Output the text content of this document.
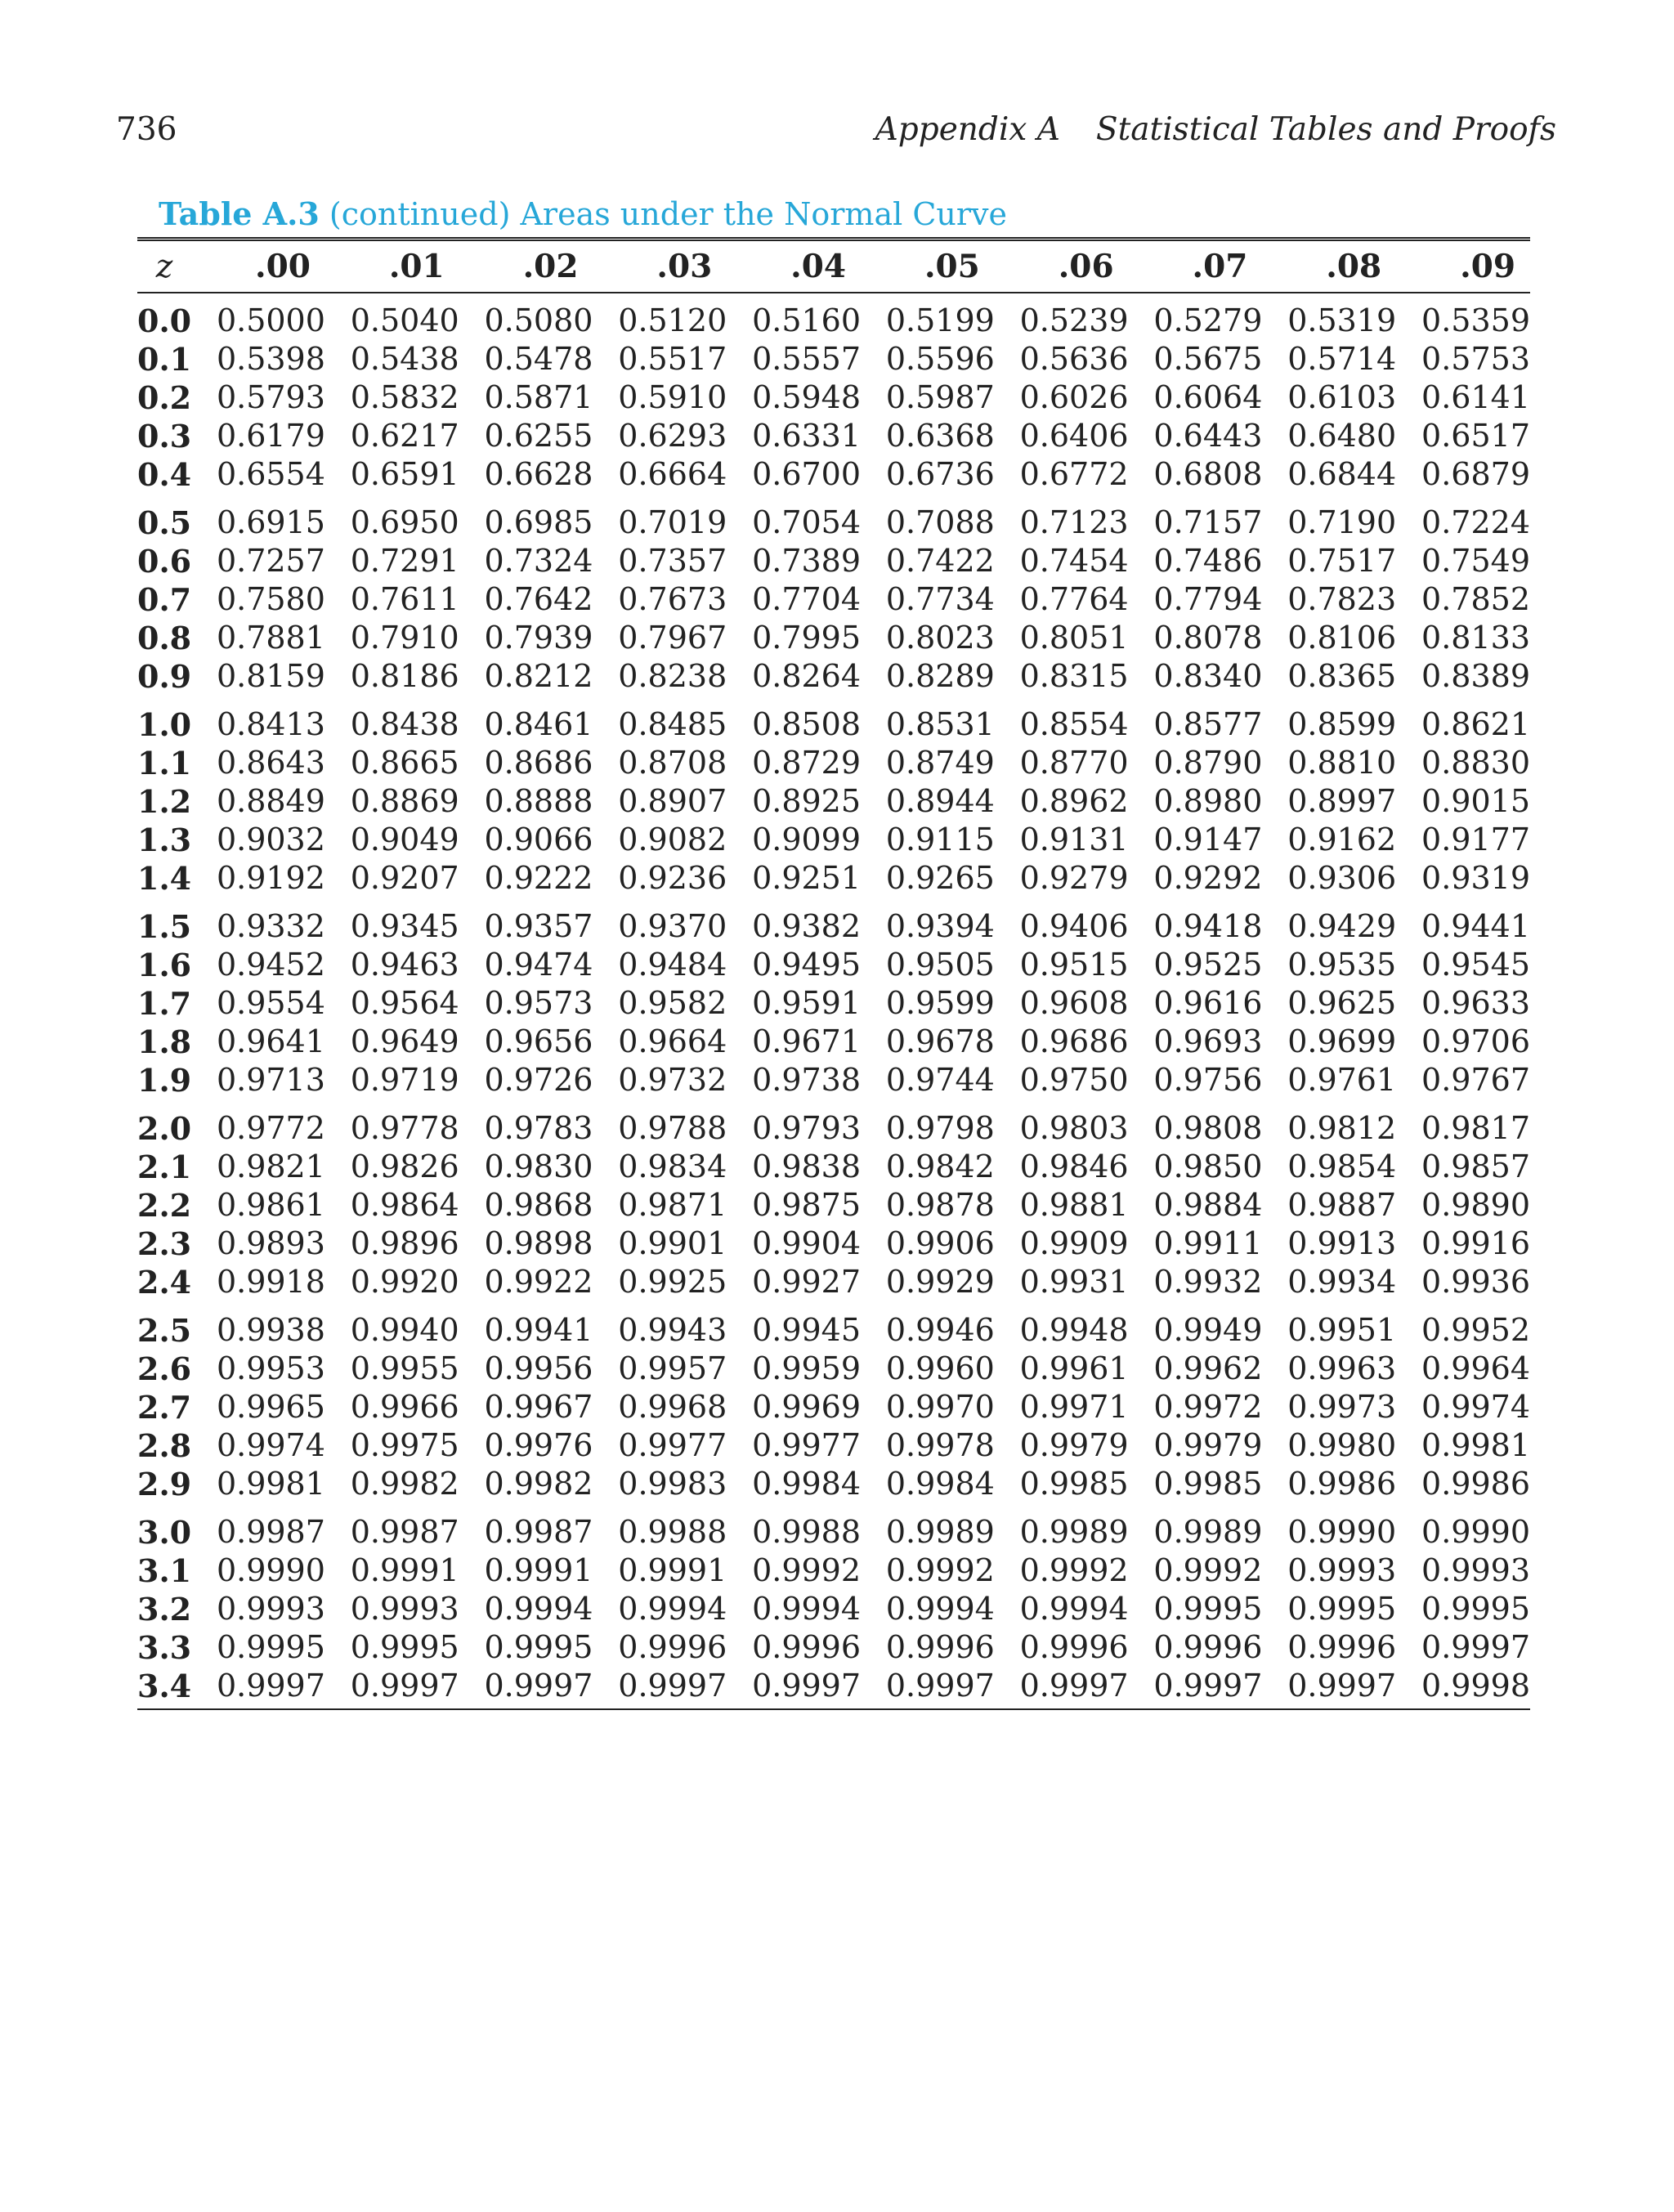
736	Appendix A Statistical Tables and Proofs
Table A.3 (continued) Areas under the Normal Curve
z	.00	.01	.02	.03	.04	.05	.06	.07	.08	.09
0.0	0.5000	0.5040	0.5080	0.5120	0.5160	0.5199	0.5239	0.5279	0.5319	0.5359
0.1	0.5398	0.5438	0.5478	0.5517	0.5557	0.5596	0.5636	0.5675	0.5714	0.5753
0.2	0.5793	0.5832	0.5871	0.5910	0.5948	0.5987	0.6026	0.6064	0.6103	0.6141
0.3	0.6179	0.6217	0.6255	0.6293	0.6331	0.6368	0.6406	0.6443	0.6480	0.6517
0.4	0.6554	0.6591	0.6628	0.6664	0.6700	0.6736	0.6772	0.6808	0.6844	0.6879
0.5	0.6915	0.6950	0.6985	0.7019	0.7054	0.7088	0.7123	0.7157	0.7190	0.7224
0.6	0.7257	0.7291	0.7324	0.7357	0.7389	0.7422	0.7454	0.7486	0.7517	0.7549
0.7	0.7580	0.7611	0.7642	0.7673	0.7704	0.7734	0.7764	0.7794	0.7823	0.7852
0.8	0.7881	0.7910	0.7939	0.7967	0.7995	0.8023	0.8051	0.8078	0.8106	0.8133
0.9	0.8159	0.8186	0.8212	0.8238	0.8264	0.8289	0.8315	0.8340	0.8365	0.8389
1.0	0.8413	0.8438	0.8461	0.8485	0.8508	0.8531	0.8554	0.8577	0.8599	0.8621
1.1	0.8643	0.8665	0.8686	0.8708	0.8729	0.8749	0.8770	0.8790	0.8810	0.8830
1.2	0.8849	0.8869	0.8888	0.8907	0.8925	0.8944	0.8962	0.8980	0.8997	0.9015
1.3	0.9032	0.9049	0.9066	0.9082	0.9099	0.9115	0.9131	0.9147	0.9162	0.9177
1.4	0.9192	0.9207	0.9222	0.9236	0.9251	0.9265	0.9279	0.9292	0.9306	0.9319
1.5	0.9332	0.9345	0.9357	0.9370	0.9382	0.9394	0.9406	0.9418	0.9429	0.9441
1.6	0.9452	0.9463	0.9474	0.9484	0.9495	0.9505	0.9515	0.9525	0.9535	0.9545
1.7	0.9554	0.9564	0.9573	0.9582	0.9591	0.9599	0.9608	0.9616	0.9625	0.9633
1.8	0.9641	0.9649	0.9656	0.9664	0.9671	0.9678	0.9686	0.9693	0.9699	0.9706
1.9	0.9713	0.9719	0.9726	0.9732	0.9738	0.9744	0.9750	0.9756	0.9761	0.9767
2.0	0.9772	0.9778	0.9783	0.9788	0.9793	0.9798	0.9803	0.9808	0.9812	0.9817
2.1	0.9821	0.9826	0.9830	0.9834	0.9838	0.9842	0.9846	0.9850	0.9854	0.9857
2.2	0.9861	0.9864	0.9868	0.9871	0.9875	0.9878	0.9881	0.9884	0.9887	0.9890
2.3	0.9893	0.9896	0.9898	0.9901	0.9904	0.9906	0.9909	0.9911	0.9913	0.9916
2.4	0.9918	0.9920	0.9922	0.9925	0.9927	0.9929	0.9931	0.9932	0.9934	0.9936
2.5	0.9938	0.9940	0.9941	0.9943	0.9945	0.9946	0.9948	0.9949	0.9951	0.9952
2.6	0.9953	0.9955	0.9956	0.9957	0.9959	0.9960	0.9961	0.9962	0.9963	0.9964
2.7	0.9965	0.9966	0.9967	0.9968	0.9969	0.9970	0.9971	0.9972	0.9973	0.9974
2.8	0.9974	0.9975	0.9976	0.9977	0.9977	0.9978	0.9979	0.9979	0.9980	0.9981
2.9	0.9981	0.9982	0.9982	0.9983	0.9984	0.9984	0.9985	0.9985	0.9986	0.9986
3.0	0.9987	0.9987	0.9987	0.9988	0.9988	0.9989	0.9989	0.9989	0.9990	0.9990
3.1	0.9990	0.9991	0.9991	0.9991	0.9992	0.9992	0.9992	0.9992	0.9993	0.9993
3.2	0.9993	0.9993	0.9994	0.9994	0.9994	0.9994	0.9994	0.9995	0.9995	0.9995
3.3	0.9995	0.9995	0.9995	0.9996	0.9996	0.9996	0.9996	0.9996	0.9996	0.9997
3.4	0.9997	0.9997	0.9997	0.9997	0.9997	0.9997	0.9997	0.9997	0.9997	0.9998
